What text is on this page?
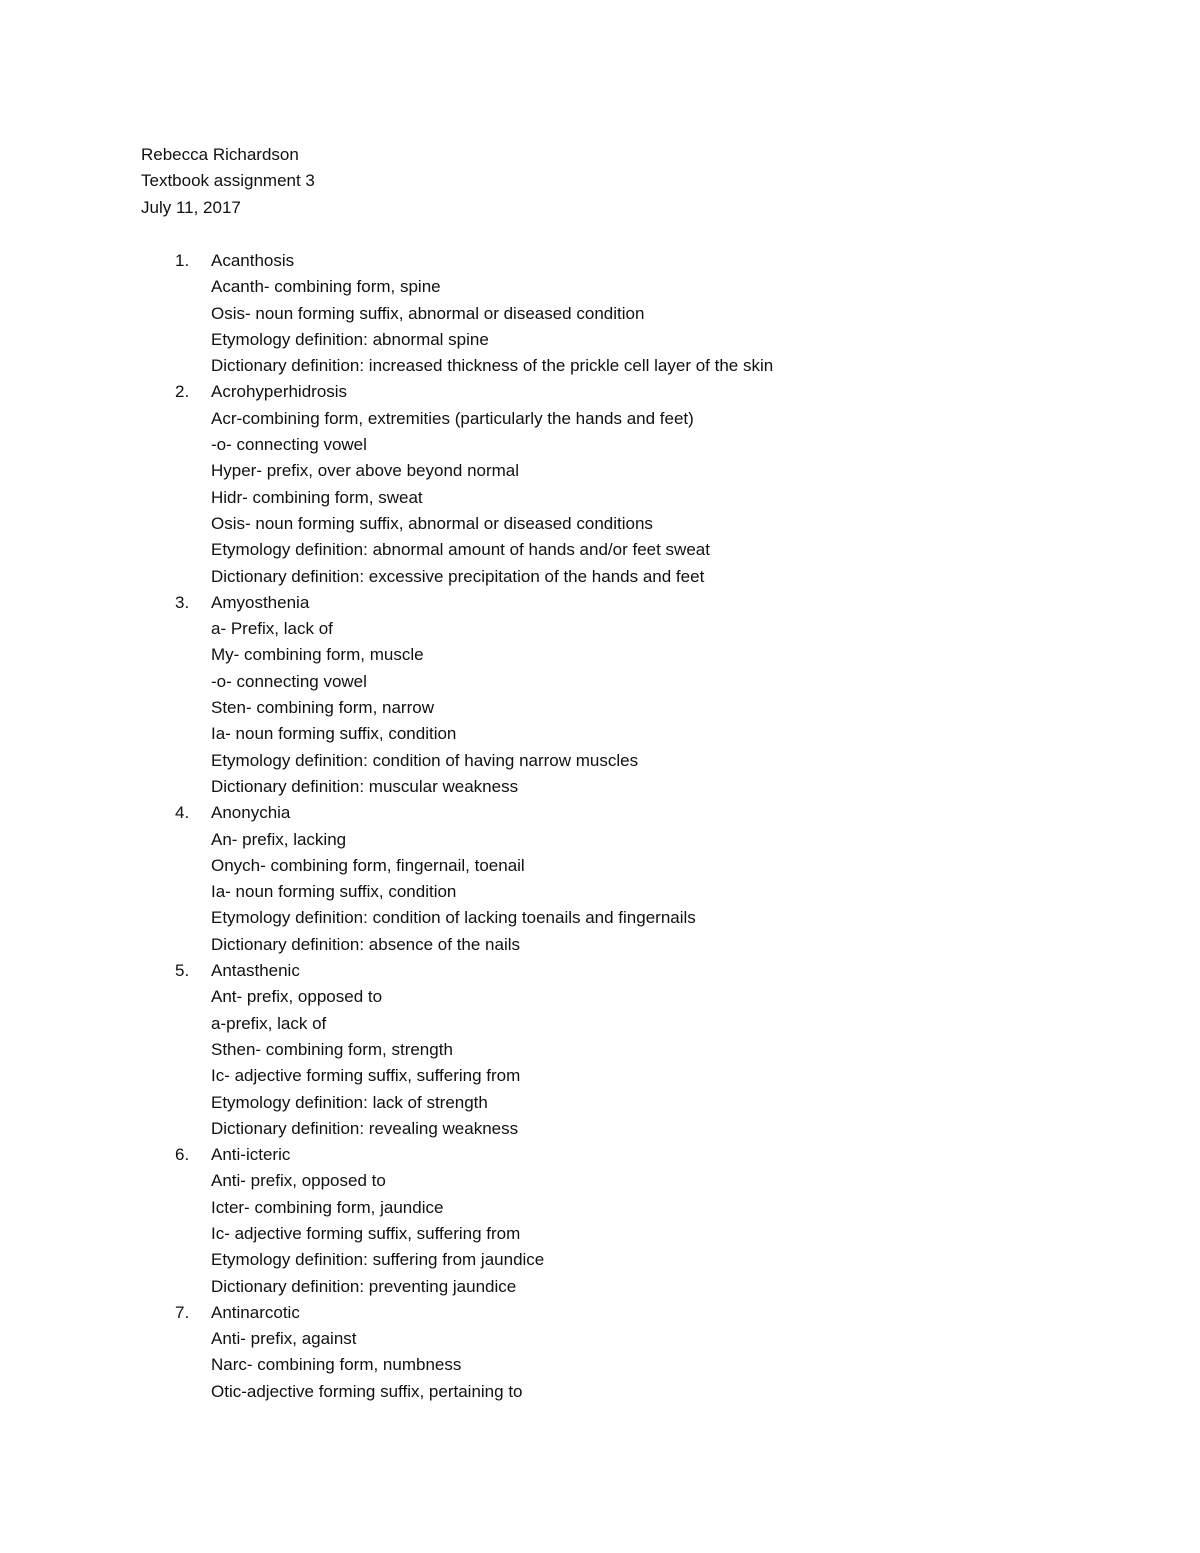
Rebecca Richardson
Textbook assignment 3
July 11, 2017
1. Acanthosis
Acanth- combining form, spine
Osis- noun forming suffix, abnormal or diseased condition
Etymology definition: abnormal spine
Dictionary definition: increased thickness of the prickle cell layer of the skin
2. Acrohyperhidrosis
Acr-combining form, extremities (particularly the hands and feet)
-o- connecting vowel
Hyper- prefix, over above beyond normal
Hidr- combining form, sweat
Osis- noun forming suffix, abnormal or diseased conditions
Etymology definition: abnormal amount of hands and/or feet sweat
Dictionary definition: excessive precipitation of the hands and feet
3. Amyosthenia
a- Prefix, lack of
My- combining form, muscle
-o- connecting vowel
Sten- combining form, narrow
Ia- noun forming suffix, condition
Etymology definition: condition of having narrow muscles
Dictionary definition: muscular weakness
4. Anonychia
An- prefix, lacking
Onych- combining form, fingernail, toenail
Ia- noun forming suffix, condition
Etymology definition: condition of lacking toenails and fingernails
Dictionary definition: absence of the nails
5. Antasthenic
Ant- prefix, opposed to
a-prefix, lack of
Sthen- combining form, strength
Ic- adjective forming suffix, suffering from
Etymology definition: lack of strength
Dictionary definition: revealing weakness
6. Anti-icteric
Anti- prefix, opposed to
Icter- combining form, jaundice
Ic- adjective forming suffix, suffering from
Etymology definition: suffering from jaundice
Dictionary definition: preventing jaundice
7. Antinarcotic
Anti- prefix, against
Narc- combining form, numbness
Otic-adjective forming suffix, pertaining to
